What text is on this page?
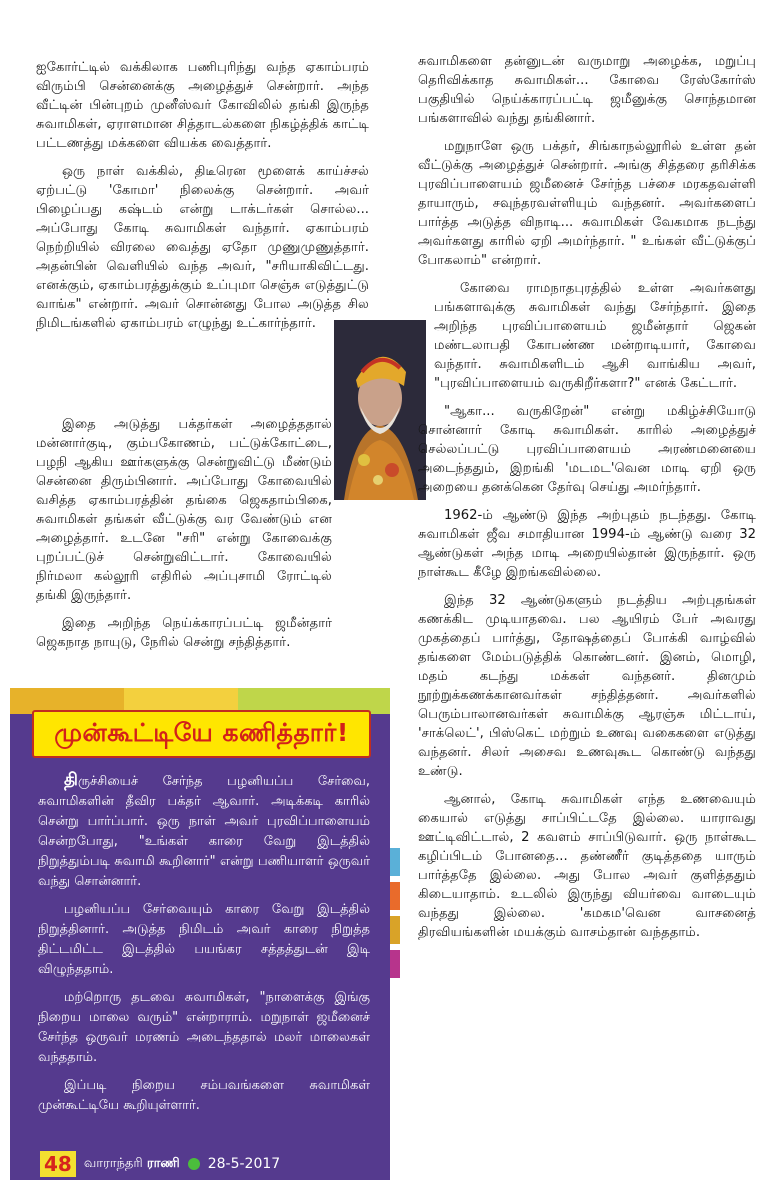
ஐகோர்ட்டில் வக்கிலாக பணிபுரிந்து வந்த ஏகாம்பரம் விரும்பி சென்னைக்கு அழைத்துச் சென்றார். அந்த வீட்டின் பின்புறம் முனீஸ்வர் கோவிலில் தங்கி இருந்த சுவாமிகள், ஏராளமான சித்தாடல்களை நிகழ்த்திக் காட்டி பட்டணத்து மக்களை வியக்க வைத்தார்.

ஒரு நாள் வக்கில், திடீரென மூளைக் காய்ச்சல் ஏற்பட்டு 'கோமா' நிலைக்கு சென்றார். அவர் பிழைப்பது கஷ்டம் என்று டாக்டர்கள் சொல்ல... அப்போது கோடி சுவாமிகள் வந்தார். ஏகாம்பரம் நெற்றியில் விரலை வைத்து ஏதோ முணுமுணுத்தார். அதன்பின் வெளியில் வந்த அவர், "சரியாகிவிட்டது. எனக்கும், ஏகாம்பரத்துக்கும் உப்புமா செஞ்சு எடுத்துட்டு வாங்க" என்றார். அவர் சொன்னது போல அடுத்த சில நிமிடங்களில் ஏகாம்பரம் எழுந்து உட்கார்ந்தார்.

இதை அடுத்து பக்தர்கள் அழைத்ததால் மன்னார்குடி, கும்பகோணம், பட்டுக்கோட்டை, பழநி ஆகிய ஊர்களுக்கு சென்றுவிட்டு மீண்டும் சென்னை திரும்பினார். அப்போது கோவையில் வசித்த ஏகாம்பரத்தின் தங்கை ஜெகதாம்பிகை, சுவாமிகள் தங்கள் வீட்டுக்கு வர வேண்டும் என அழைத்தார். உடனே "சரி" என்று கோவைக்கு புறப்பட்டுச் சென்றுவிட்டார். கோவையில் நிர்மலா கல்லூரி எதிரில் அப்புசாமி ரோட்டில் தங்கி இருந்தார்.

இதை அறிந்த நெய்க்காரப்பட்டி ஜமீன்தார் ஜெகநாத நாயுடு, நேரில் சென்று சந்தித்தார்.

சுவாமிகளை தன்னுடன் வருமாறு அழைக்க, மறுப்பு தெரிவிக்காத சுவாமிகள்... கோவை ரேஸ்கோர்ஸ் பகுதியில் நெய்க்காரப்பட்டி ஜமீனுக்கு சொந்தமான பங்களாவில் வந்து தங்கினார்.

மறுநாளே ஒரு பக்தர், சிங்காநல்லூரில் உள்ள தன் வீட்டுக்கு அழைத்துச் சென்றார். அங்கு சித்தரை தரிசிக்க புரவிப்பாளையம் ஜமீனைச் சேர்ந்த பச்சை மரகதவள்ளி தாயாரும், சவுந்தரவள்ளியும் வந்தனர். அவர்களைப் பார்த்த அடுத்த விநாடி... சுவாமிகள் வேகமாக நடந்து அவர்களது காரில் ஏறி அமர்ந்தார். " உங்கள் வீட்டுக்குப் போகலாம்" என்றார்.

கோவை ராமநாதபுரத்தில் உள்ள அவர்களது பங்களாவுக்கு சுவாமிகள் வந்து சேர்ந்தார். இதை அறிந்த புரவிப்பாளையம் ஜமீன்தார் ஜெகன் மண்டலாபதி கோபண்ண மன்றாடியார், கோவை வந்தார். சுவாமிகளிடம் ஆசி வாங்கிய அவர், "புரவிப்பாளையம் வருகிறீர்களா?" எனக் கேட்டார்.

"ஆகா... வருகிறேன்" என்று மகிழ்ச்சியோடு சொன்னார் கோடி சுவாமிகள். காரில் அழைத்துச் செல்லப்பட்டு புரவிப்பாளையம் அரண்மனையை அடைந்ததும், இறங்கி 'மடமட'வென மாடி ஏறி ஒரு அறையை தனக்கென தேர்வு செய்து அமர்ந்தார்.

1962-ம் ஆண்டு இந்த அற்புதம் நடந்தது. கோடி சுவாமிகள் ஜீவ சமாதியான 1994-ம் ஆண்டு வரை 32 ஆண்டுகள் அந்த மாடி அறையில்தான் இருந்தார். ஒரு நாள்கூட கீழே இறங்கவில்லை.

இந்த 32 ஆண்டுகளும் நடத்திய அற்புதங்கள் கணக்கிட முடியாதவை. பல ஆயிரம் பேர் அவரது முகத்தைப் பார்த்து, தோஷத்தைப் போக்கி வாழ்வில் தங்களை மேம்படுத்திக் கொண்டனர். இனம், மொழி, மதம் கடந்து மக்கள் வந்தனர். தினமும் நூற்றுக்கணக்கானவர்கள் சந்தித்தனர். அவர்களில் பெரும்பாலானவர்கள் சுவாமிக்கு ஆரஞ்சு மிட்டாய், 'சாக்லெட்', பிஸ்கெட் மற்றும் உணவு வகைகளை எடுத்து வந்தனர். சிலர் அசைவ உணவுகூட கொண்டு வந்தது உண்டு.

ஆனால், கோடி சுவாமிகள் எந்த உணவையும் கையால் எடுத்து சாப்பிட்டதே இல்லை. யாராவது ஊட்டிவிட்டால், 2 கவளம் சாப்பிடுவார். ஒரு நாள்கூட கழிப்பிடம் போனதை... தண்ணீர் குடித்ததை யாரும் பார்த்ததே இல்லை. அது போல அவர் குளித்ததும் கிடையாதாம். உடலில் இருந்து வியர்வை வாடையும் வந்தது இல்லை. 'கமகம'வென வாசனைத் திரவியங்களின் மயக்கும் வாசம்தான் வந்ததாம்.

முன்கூட்டியே கணித்தார்!

திருச்சியைச் சேர்ந்த பழனியப்ப சேர்வை, சுவாமிகளின் தீவிர பக்தர் ஆவார். அடிக்கடி காரில் சென்று பார்ப்பார். ஒரு நாள் அவர் புரவிப்பாளையம் சென்றபோது, "உங்கள் காரை வேறு இடத்தில் நிறுத்தும்படி சுவாமி கூறினார்" என்று பணியாளர் ஒருவர் வந்து சொன்னார்.

பழனியப்ப சேர்வையும் காரை வேறு இடத்தில் நிறுத்தினார். அடுத்த நிமிடம் அவர் காரை நிறுத்த திட்டமிட்ட இடத்தில் பயங்கர சத்தத்துடன் இடி விழுந்ததாம்.

மற்றொரு தடவை சுவாமிகள், "நாளைக்கு இங்கு நிறைய மாலை வரும்" என்றாராம். மறுநாள் ஜமீனைச் சேர்ந்த ஒருவர் மரணம் அடைந்ததால் மலர் மாலைகள் வந்ததாம்.

இப்படி நிறைய சம்பவங்களை சுவாமிகள் முன்கூட்டியே கூறியுள்ளார்.

48 வாராந்தரி ராணி 28-5-2017
